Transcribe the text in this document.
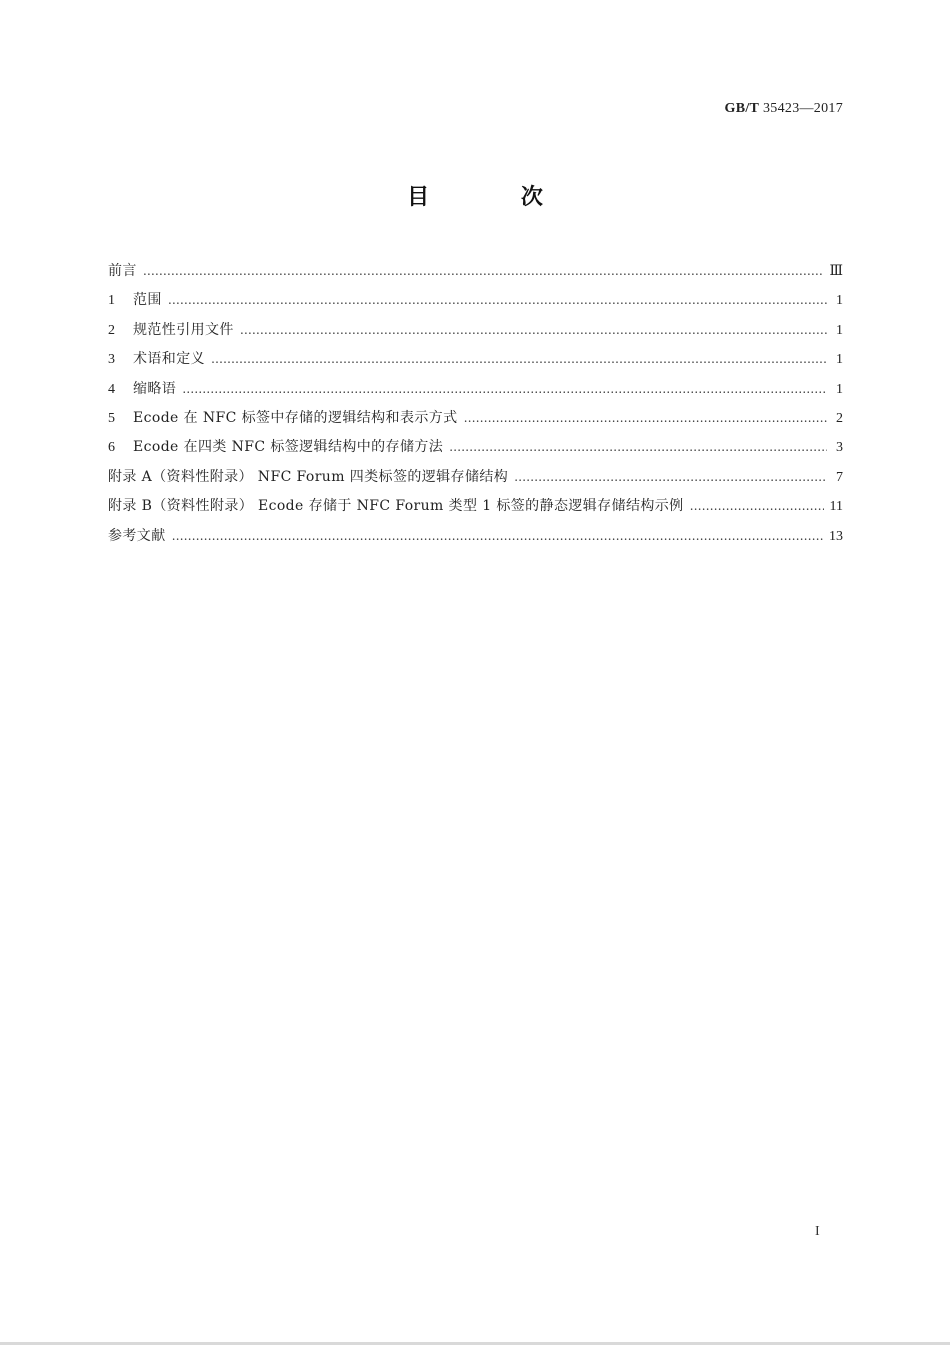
GB/T 35423—2017
目 次
前言 …………………………………………………………………………………………………………………………………………………………………………………………………………	Ⅲ
1	范围 …………………………………………………………………………………………………………………………………………………………………………………………………………	1
2	规范性引用文件 …………………………………………………………………………………………………………………………………………………………………………………………………………	1
3	术语和定义 …………………………………………………………………………………………………………………………………………………………………………………………………………	1
4	缩略语 …………………………………………………………………………………………………………………………………………………………………………………………………………	1
5	Ecode 在 NFC 标签中存储的逻辑结构和表示方式 …………………………………………………………………………………………………………………………………………………………………………………………………………	2
6	Ecode 在四类 NFC 标签逻辑结构中的存储方法 …………………………………………………………………………………………………………………………………………………………………………………………………………	3
附录 A（资料性附录） NFC Forum 四类标签的逻辑存储结构 …………………………………………………………………………………………………………………………………………………………………………………………………………	7
附录 B（资料性附录） Ecode 存储于 NFC Forum 类型 1 标签的静态逻辑存储结构示例 …………………………………………………………………………………………………………………………………………………………………………………………………………	11
参考文献 …………………………………………………………………………………………………………………………………………………………………………………………………………	13
I
